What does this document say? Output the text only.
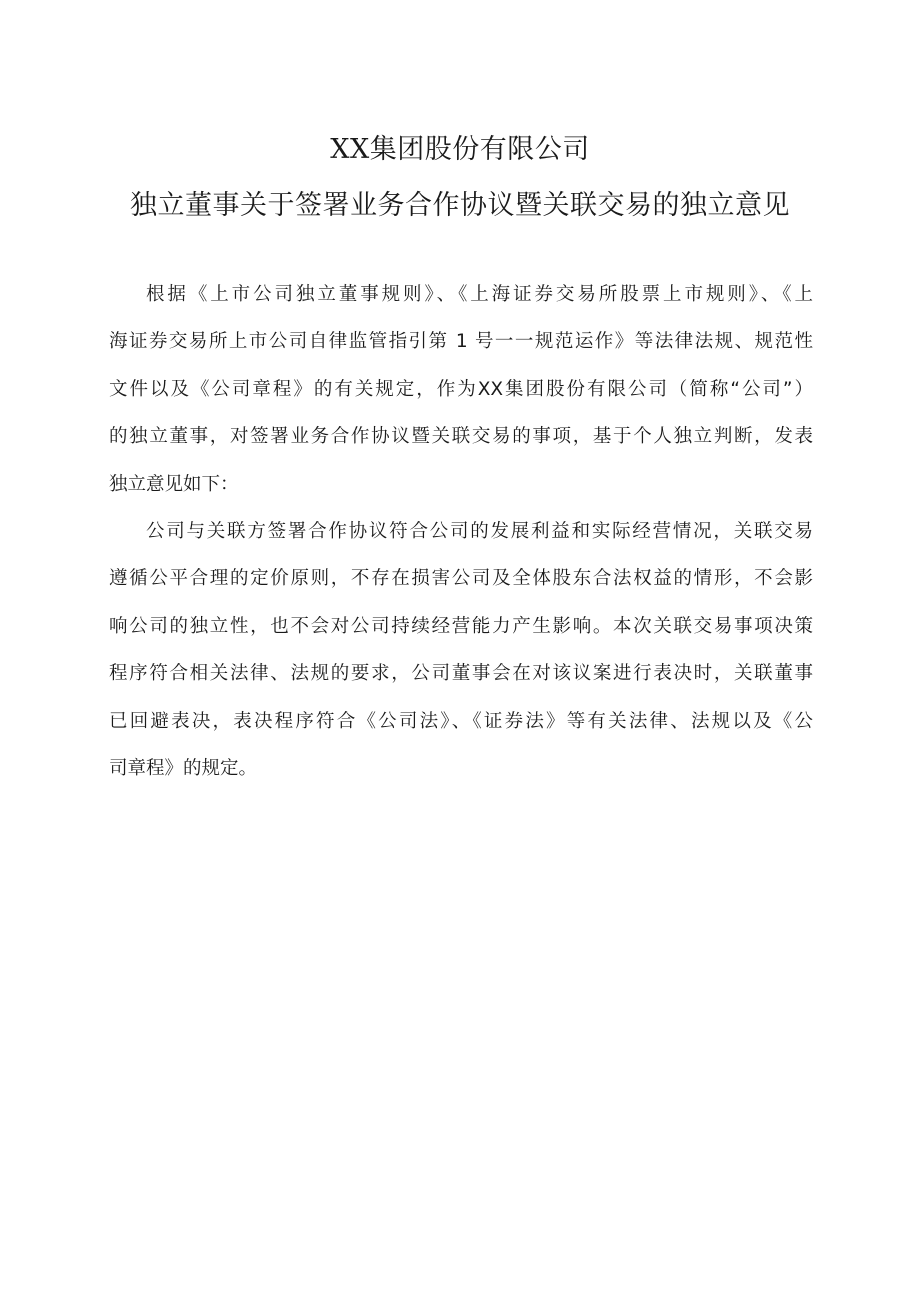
XX集团股份有限公司
独立董事关于签署业务合作协议暨关联交易的独立意见
根据《上市公司独立董事规则》、《上海证券交易所股票上市规则》、《上
海证券交易所上市公司自律监管指引第 1 号一一规范运作》等法律法规、规范性
文件以及《公司章程》的有关规定，作为XX集团股份有限公司（简称“公司”）
的独立董事，对签署业务合作协议暨关联交易的事项，基于个人独立判断，发表
独立意见如下：
公司与关联方签署合作协议符合公司的发展利益和实际经营情况，关联交易
遵循公平合理的定价原则，不存在损害公司及全体股东合法权益的情形，不会影
响公司的独立性，也不会对公司持续经营能力产生影响。本次关联交易事项决策
程序符合相关法律、法规的要求，公司董事会在对该议案进行表决时，关联董事
已回避表决，表决程序符合《公司法》、《证券法》等有关法律、法规以及《公
司章程》的规定。
